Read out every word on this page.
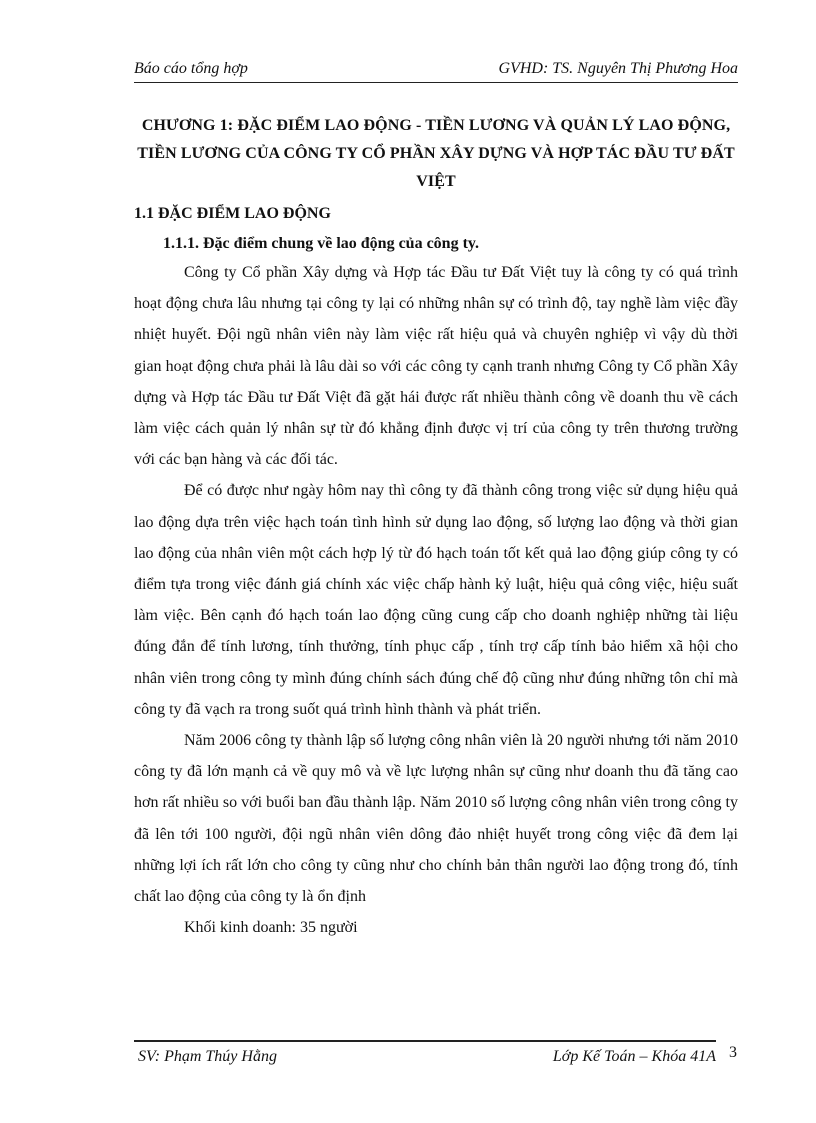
Báo cáo tổng hợp	GVHD: TS. Nguyên Thị Phương Hoa
CHƯƠNG 1: ĐẶC ĐIỂM LAO ĐỘNG - TIỀN LƯƠNG VÀ QUẢN LÝ LAO ĐỘNG, TIỀN LƯƠNG CỦA CÔNG TY CỔ PHẦN XÂY DỰNG VÀ HỢP TÁC ĐẦU TƯ ĐẤT VIỆT
1.1 ĐẶC ĐIỂM LAO ĐỘNG
1.1.1. Đặc điểm chung về lao động của công ty.

Công ty Cổ phần Xây dựng và Hợp tác Đầu tư Đất Việt tuy là công ty có quá trình hoạt động chưa lâu nhưng tại công ty lại có những nhân sự có trình độ, tay nghề làm việc đầy nhiệt huyết. Đội ngũ nhân viên này làm việc rất hiệu quả và chuyên nghiệp vì vậy dù thời gian hoạt động chưa phải là lâu dài so với các công ty cạnh tranh nhưng Công ty Cổ phần Xây dựng và Hợp tác Đầu tư Đất Việt đã gặt hái được rất nhiều thành công về doanh thu về cách làm việc cách quản lý nhân sự từ đó khẳng định được vị trí của công ty trên thương trường với các bạn hàng và các đối tác.

Để có được như ngày hôm nay thì công ty đã thành công trong việc sử dụng hiệu quả lao động dựa trên việc hạch toán tình hình sử dụng lao động, số lượng lao động và thời gian lao động của nhân viên một cách hợp lý từ đó hạch toán tốt kết quả lao động giúp công ty có điểm tựa trong việc đánh giá chính xác việc chấp hành kỷ luật, hiệu quả công việc, hiệu suất làm việc. Bên cạnh đó hạch toán lao động cũng cung cấp cho doanh nghiệp những tài liệu đúng đắn để tính lương, tính thưởng, tính phục cấp , tính trợ cấp tính bảo hiểm xã hội cho nhân viên trong công ty mình đúng chính sách đúng chế độ cũng như đúng những tôn chỉ mà công ty đã vạch ra trong suốt quá trình hình thành và phát triển.

Năm 2006 công ty thành lập số lượng công nhân viên là 20 người nhưng tới năm 2010 công ty đã lớn mạnh cả về quy mô và về lực lượng nhân sự cũng như doanh thu đã tăng cao hơn rất nhiều so với buổi ban đầu thành lập. Năm 2010 số lượng công nhân viên trong công ty đã lên tới 100 người, đội ngũ nhân viên dông đảo nhiệt huyết trong công việc đã đem lại những lợi ích rất lớn cho công ty cũng như cho chính bản thân người lao động trong đó, tính chất lao động của công ty là ổn định

Khối kinh doanh: 35 người

SV: Phạm Thúy Hằng	Lớp Kế Toán – Khóa 41A 3
